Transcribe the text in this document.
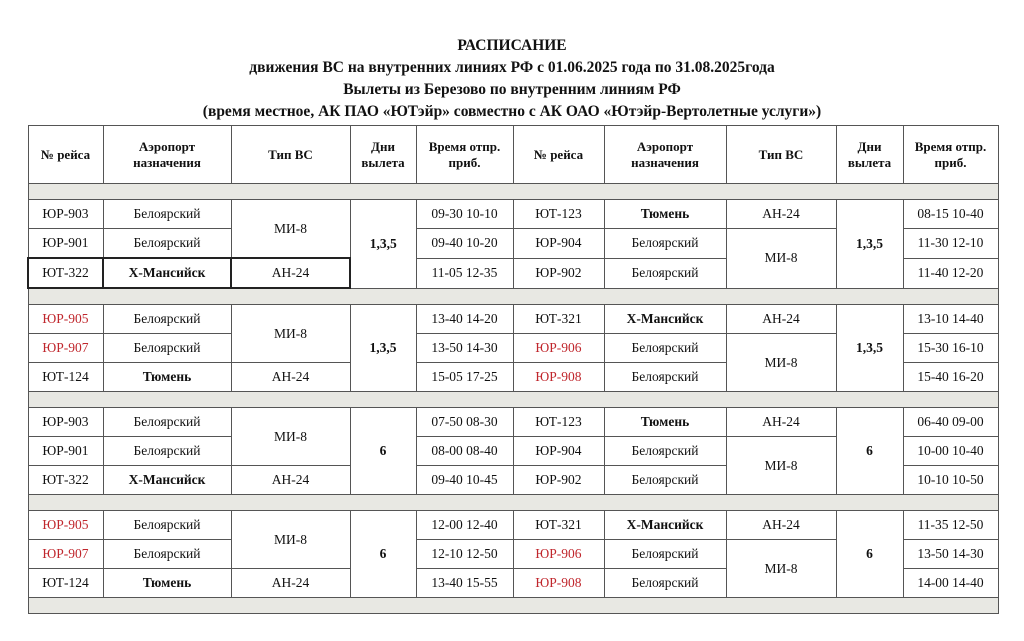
РАСПИСАНИЕ
движения ВС на внутренних линиях РФ с 01.06.2025 года по 31.08.2025года
Вылеты из Березово по внутренним линиям РФ
(время местное, АК ПАО «ЮТэйр» совместно с АК ОАО «Ютэйр-Вертолетные услуги»)
№ рейса	Аэропорт назначения	Тип ВС	Дни вылета	Время отпр. приб.	№ рейса	Аэропорт назначения	Тип ВС	Дни вылета	Время отпр. приб.

ЮР-903	Белоярский	МИ-8	1,3,5	09-30 10-10	ЮТ-123	Тюмень	АН-24	1,3,5	08-15 10-40
ЮР-901	Белоярский			09-40 10-20	ЮР-904	Белоярский	МИ-8		11-30 12-10
ЮТ-322	Х-Мансийск	АН-24		11-05 12-35	ЮР-902	Белоярский			11-40 12-20

ЮР-905	Белоярский	МИ-8	1,3,5	13-40 14-20	ЮТ-321	Х-Мансийск	АН-24	1,3,5	13-10 14-40
ЮР-907	Белоярский			13-50 14-30	ЮР-906	Белоярский	МИ-8		15-30 16-10
ЮТ-124	Тюмень	АН-24		15-05 17-25	ЮР-908	Белоярский			15-40 16-20

ЮР-903	Белоярский	МИ-8	6	07-50 08-30	ЮТ-123	Тюмень	АН-24	6	06-40 09-00
ЮР-901	Белоярский			08-00 08-40	ЮР-904	Белоярский	МИ-8		10-00 10-40
ЮТ-322	Х-Мансийск	АН-24		09-40 10-45	ЮР-902	Белоярский			10-10 10-50

ЮР-905	Белоярский	МИ-8	6	12-00 12-40	ЮТ-321	Х-Мансийск	АН-24	6	11-35 12-50
ЮР-907	Белоярский			12-10 12-50	ЮР-906	Белоярский	МИ-8		13-50 14-30
ЮТ-124	Тюмень	АН-24		13-40 15-55	ЮР-908	Белоярский			14-00 14-40
